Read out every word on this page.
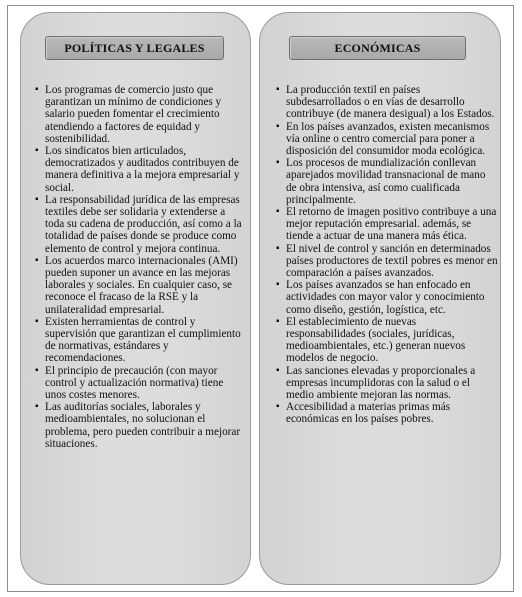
POLÍTICAS Y LEGALES
▪ Los programas de comercio justo que garantizan un mínimo de condiciones y salario pueden fomentar el crecimiento atendiendo a factores de equidad y sostenibilidad.
▪ Los sindicatos bien articulados, democratizados y auditados contribuyen de manera definitiva a la mejora empresarial y social.
▪ La responsabilidad jurídica de las empresas textiles debe ser solidaria y extenderse a toda su cadena de producción, así como a la totalidad de países donde se produce como elemento de control y mejora continua.
▪ Los acuerdos marco internacionales (AMI) pueden suponer un avance en las mejoras laborales y sociales. En cualquier caso, se reconoce el fracaso de la RSE y la unilateralidad empresarial.
▪ Existen herramientas de control y supervisión que garantizan el cumplimiento de normativas, estándares y recomendaciones.
▪ El principio de precaución (con mayor control y actualización normativa) tiene unos costes menores.
▪ Las auditorías sociales, laborales y medioambientales, no solucionan el problema, pero pueden contribuir a mejorar situaciones.
ECONÓMICAS
▪ La producción textil en países subdesarrollados o en vías de desarrollo contribuye (de manera desigual) a los Estados.
▪ En los países avanzados, existen mecanismos vía online o centro comercial para poner a disposición del consumidor moda ecológica.
▪ Los procesos de mundialización conllevan aparejados movilidad transnacional de mano de obra intensiva, así como cualificada principalmente.
▪ El retorno de imagen positivo contribuye a una mejor reputación empresarial. además, se tiende a actuar de una manera más ética.
▪ El nivel de control y sanción en determinados países productores de textil pobres es menor en comparación a países avanzados.
▪ Los países avanzados se han enfocado en actividades con mayor valor y conocimiento como diseño, gestión, logística, etc.
▪ El establecimiento de nuevas responsabilidades (sociales, jurídicas, medioambientales, etc.) generan nuevos modelos de negocio.
▪ Las sanciones elevadas y proporcionales a empresas incumplidoras con la salud o el medio ambiente mejoran las normas.
▪ Accesibilidad a materias primas más económicas en los países pobres.
